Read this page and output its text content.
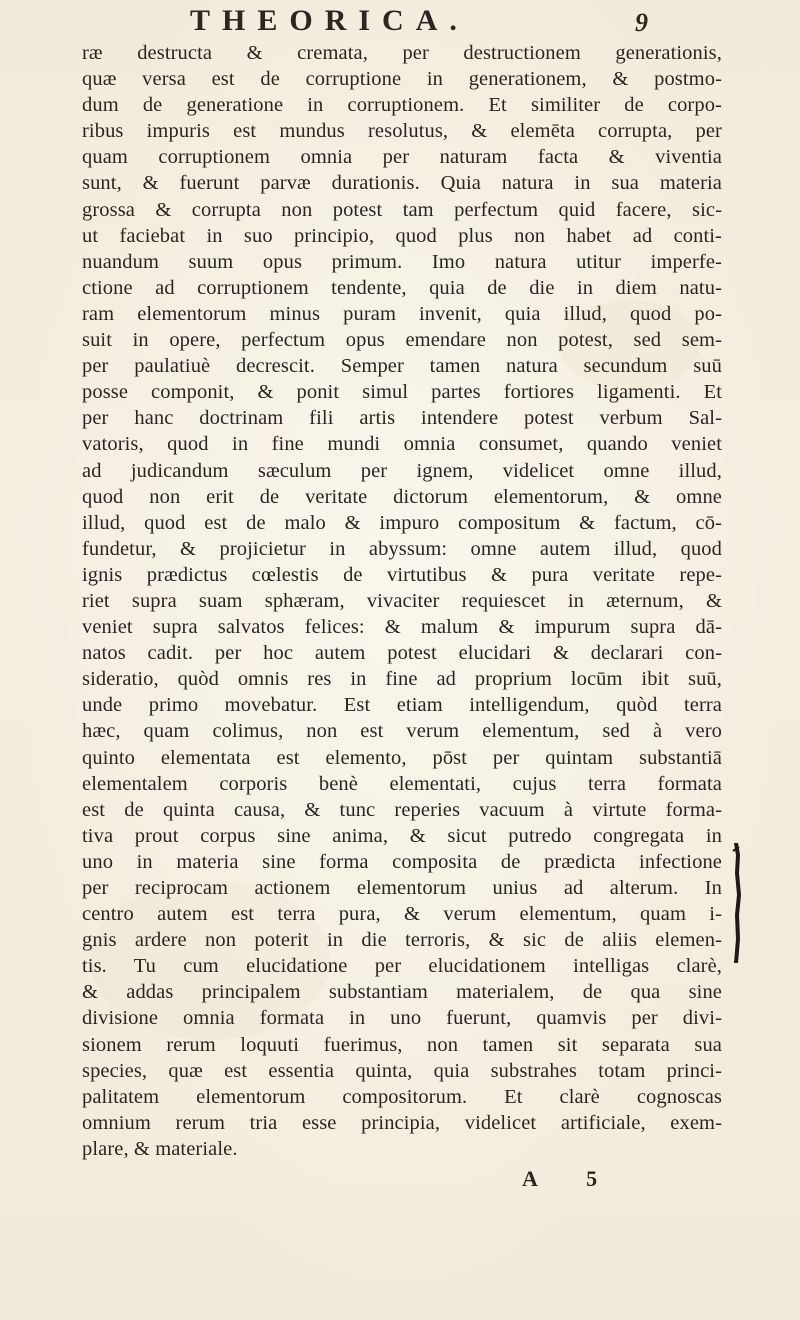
THEORICA.	9
ræ destructa & cremata, per destructionem generationis,
quæ versa est de corruptione in generationem, & postmo-
dum de generatione in corruptionem. Et similiter de corpo-
ribus impuris est mundus resolutus, & elemēta corrupta, per
quam corruptionem omnia per naturam facta & viventia
sunt, & fuerunt parvæ durationis. Quia natura in sua materia
grossa & corrupta non potest tam perfectum quid facere, sic-
ut faciebat in suo principio, quod plus non habet ad conti-
nuandum suum opus primum. Imo natura utitur imperfe-
ctione ad corruptionem tendente, quia de die in diem natu-
ram elementorum minus puram invenit, quia illud, quod po-
suit in opere, perfectum opus emendare non potest, sed sem-
per paulatiuè decrescit. Semper tamen natura secundum suū
posse componit, & ponit simul partes fortiores ligamenti. Et
per hanc doctrinam fili artis intendere potest verbum Sal-
vatoris, quod in fine mundi omnia consumet, quando veniet
ad judicandum sæculum per ignem, videlicet omne illud,
quod non erit de veritate dictorum elementorum, & omne
illud, quod est de malo & impuro compositum & factum, cō-
fundetur, & projicietur in abyssum: omne autem illud, quod
ignis prædictus cœlestis de virtutibus & pura veritate repe-
riet supra suam sphæram, vivaciter requiescet in æternum, &
veniet supra salvatos felices: & malum & impurum supra dā-
natos cadit. per hoc autem potest elucidari & declarari con-
sideratio, quòd omnis res in fine ad proprium locūm ibit suū,
unde primo movebatur. Est etiam intelligendum, quòd terra
hæc, quam colimus, non est verum elementum, sed à vero
quinto elementata est elemento, pōst per quintam substantiā
elementalem corporis benè elementati, cujus terra formata
est de quinta causa, & tunc reperies vacuum à virtute forma-
tiva prout corpus sine anima, & sicut putredo congregata in
uno in materia sine forma composita de prædicta infectione
per reciprocam actionem elementorum unius ad alterum. In
centro autem est terra pura, & verum elementum, quam i-
gnis ardere non poterit in die terroris, & sic de aliis elemen-
tis. Tu cum elucidatione per elucidationem intelligas clarè,
& addas principalem substantiam materialem, de qua sine
divisione omnia formata in uno fuerunt, quamvis per divi-
sionem rerum loquuti fuerimus, non tamen sit separata sua
species, quæ est essentia quinta, quia substrahes totam princi-
palitatem elementorum compositorum. Et clarè cognoscas
omnium rerum tria esse principia, videlicet artificiale, exem-
plare, & materiale.
A 5
